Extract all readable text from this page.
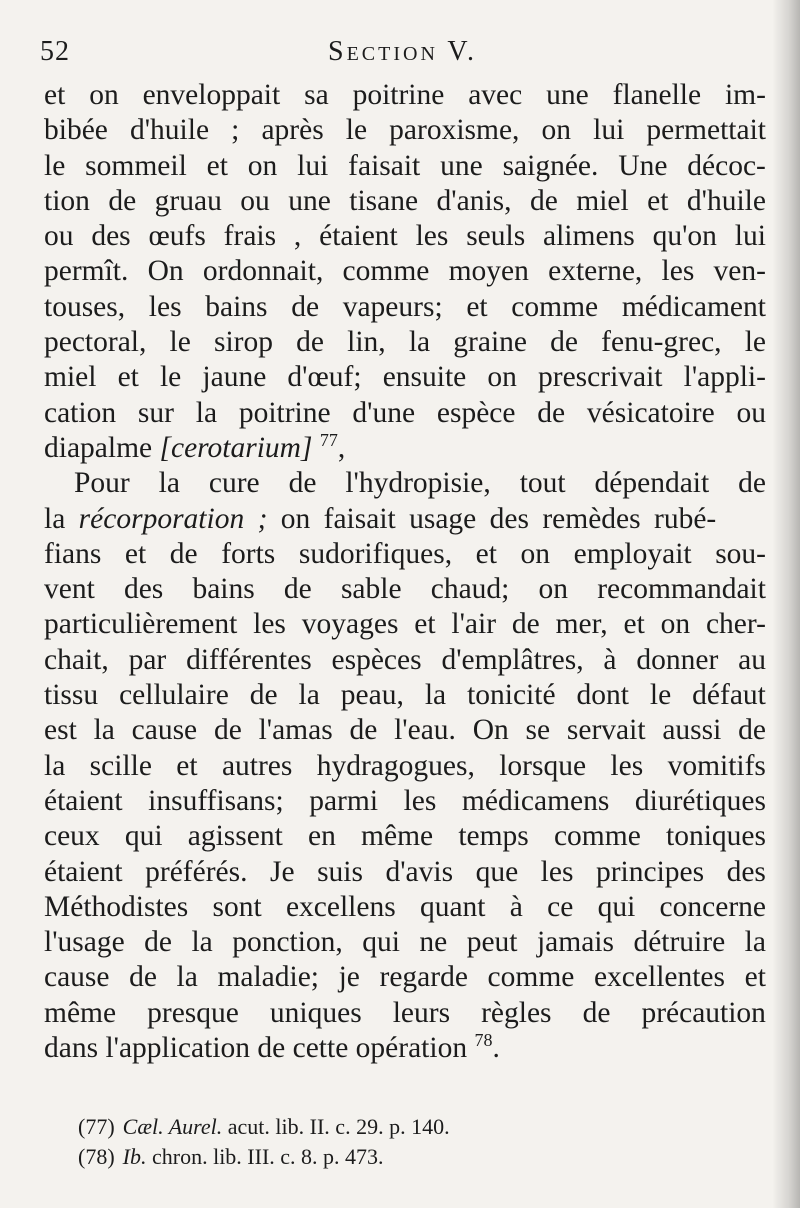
52	Section V.
et on enveloppait sa poitrine avec une flanelle im-
bibée d'huile ; après le paroxisme, on lui permettait
le sommeil et on lui faisait une saignée. Une décoc-
tion de gruau ou une tisane d'anis, de miel et d'huile
ou des œufs frais , étaient les seuls alimens qu'on lui
permît. On ordonnait, comme moyen externe, les ven-
touses, les bains de vapeurs; et comme médicament
pectoral, le sirop de lin, la graine de fenu-grec, le
miel et le jaune d'œuf; ensuite on prescrivait l'appli-
cation sur la poitrine d'une espèce de vésicatoire ou
diapalme [cerotarium] $^{77}$,
Pour la cure de l'hydropisie, tout dépendait de
la récorporation ; on faisait usage des remèdes rubé-
fians et de forts sudorifiques, et on employait sou-
vent des bains de sable chaud; on recommandait
particulièrement les voyages et l'air de mer, et on cher-
chait, par différentes espèces d'emplâtres, à donner au
tissu cellulaire de la peau, la tonicité dont le défaut
est la cause de l'amas de l'eau. On se servait aussi de
la scille et autres hydragogues, lorsque les vomitifs
étaient insuffisans; parmi les médicamens diurétiques
ceux qui agissent en même temps comme toniques
étaient préférés. Je suis d'avis que les principes des
Méthodistes sont excellens quant à ce qui concerne
l'usage de la ponction, qui ne peut jamais détruire la
cause de la maladie; je regarde comme excellentes et
même presque uniques leurs règles de précaution
dans l'application de cette opération $^{78}$.
(77) Cæl. Aurel. acut. lib. II. c. 29. p. 140.
(78) Ib. chron. lib. III. c. 8. p. 473.
